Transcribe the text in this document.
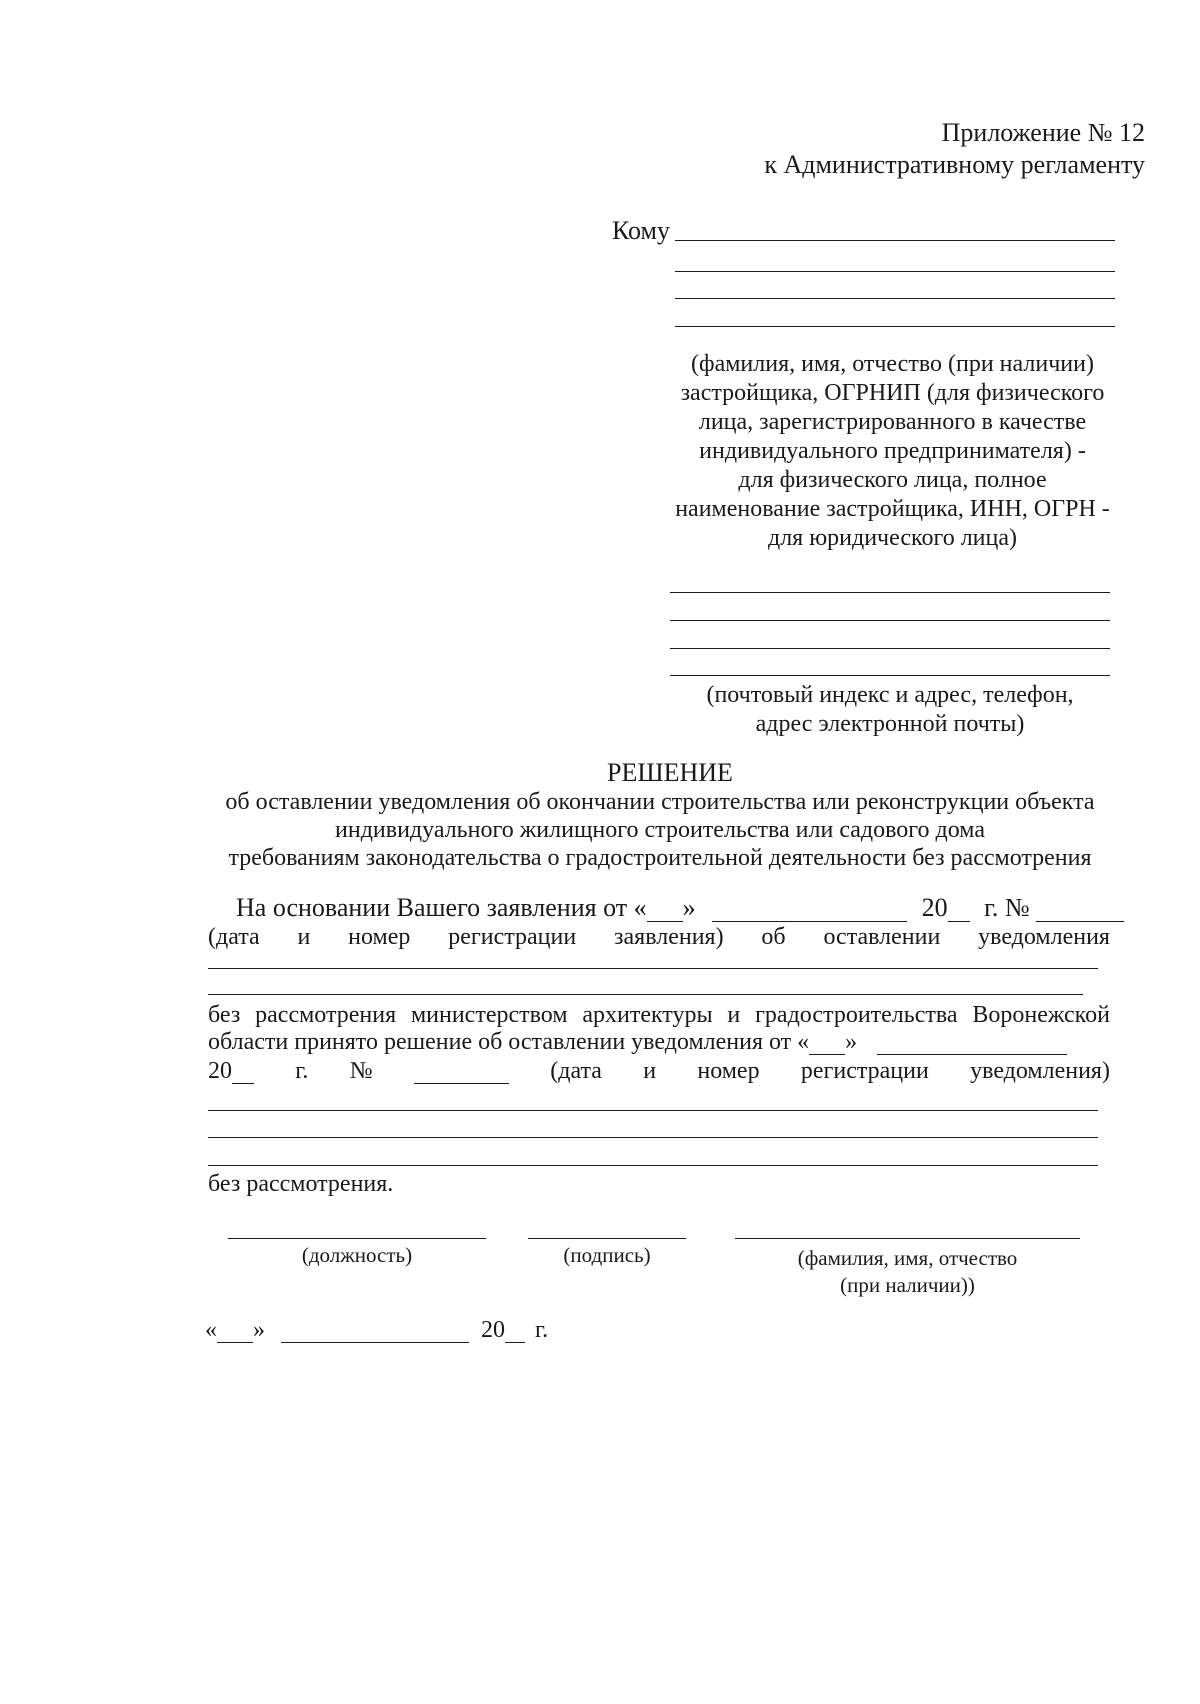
Приложение № 12
к Административному регламенту
Кому
(фамилия, имя, отчество (при наличии)
застройщика, ОГРНИП (для физического
лица, зарегистрированного в качестве
индивидуального предпринимателя) -
для физического лица, полное
наименование застройщика, ИНН, ОГРН -
для юридического лица)
(почтовый индекс и адрес, телефон,
адрес электронной почты)
РЕШЕНИЕ
об оставлении уведомления об окончании строительства или реконструкции объекта
индивидуального жилищного строительства или садового дома
требованиям законодательства о градостроительной деятельности без рассмотрения
На основании Вашего заявления от « »	20 г. №
(дата и номер регистрации заявления) об оставлении уведомления
без рассмотрения министерством архитектуры и градостроительства Воронежской
области принято решение об оставлении уведомления от « »
20	г. №
	(дата и номер регистрации уведомления)
без рассмотрения.
(должность)	(подпись)	(фамилия, имя, отчество
(при наличии))
« »	20 г.
